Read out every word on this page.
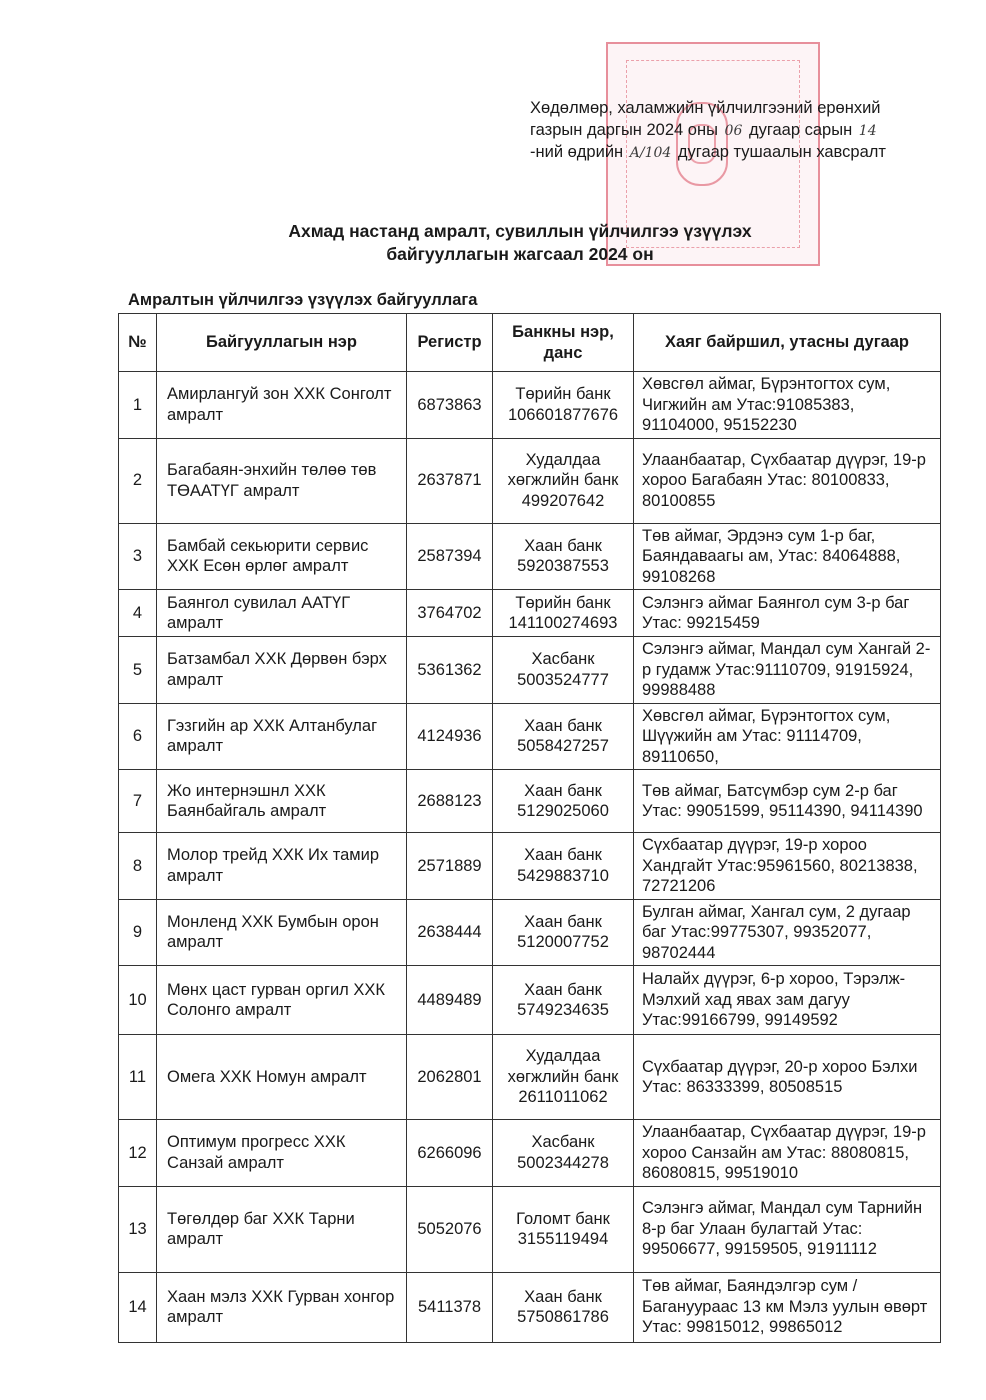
Хөдөлмөр, халамжийн үйлчилгээний ерөнхий
газрын даргын 2024 оны 06 дугаар сарын 14
-ний өдрийн A/104 дугаар тушаалын хавсралт
Ахмад настанд амралт, сувиллын үйлчилгээ үзүүлэх
байгууллагын жагсаал 2024 он
Амралтын үйлчилгээ үзүүлэх байгууллага
№	Байгууллагын нэр	Регистр	Банкны нэр, данс	Хаяг байршил, утасны дугаар
1	Амирлангуй зон ХХК Сонголт амралт	6873863	Төрийн банк 106601877676	Хөвсгөл аймаг, Бүрэнтогтох сум, Чигжийн ам Утас:91085383, 91104000, 95152230
2	Багабаян-энхийн төлөө төв ТӨААТҮГ амралт	2637871	Худалдаа хөгжлийн банк 499207642	Улаанбаатар, Сүхбаатар дүүрэг, 19-р хороо Багабаян Утас: 80100833, 80100855
3	Бамбай секьюрити сервис ХХК Есөн өрлөг амралт	2587394	Хаан банк 5920387553	Төв аймаг, Эрдэнэ сум 1-р баг, Баяндаваагы ам, Утас: 84064888, 99108268
4	Баянгол сувилал ААТҮГ амралт	3764702	Төрийн банк 141100274693	Сэлэнгэ аймаг Баянгол сум 3-р баг Утас: 99215459
5	Батзамбал ХХК Дөрвөн бэрх амралт	5361362	Хасбанк 5003524777	Сэлэнгэ аймаг, Мандал сум Хангай 2-р гудамж Утас:91110709, 91915924, 99988488
6	Гэзгийн ар ХХК Алтанбулаг амралт	4124936	Хаан банк 5058427257	Хөвсгөл аймаг, Бүрэнтогтох сум, Шүүжийн ам Утас: 91114709, 89110650,
7	Жо интернэшнл ХХК Баянбайгаль амралт	2688123	Хаан банк 5129025060	Төв аймаг, Батсүмбэр сум 2-р баг Утас: 99051599, 95114390, 94114390
8	Молор трейд ХХК Их тамир амралт	2571889	Хаан банк 5429883710	Сүхбаатар дүүрэг, 19-р хороо Хандгайт Утас:95961560, 80213838, 72721206
9	Монленд ХХК Бумбын орон амралт	2638444	Хаан банк 5120007752	Булган аймаг, Хангал сум, 2 дугаар баг Утас:99775307, 99352077, 98702444
10	Мөнх цаст гурван оргил ХХК Солонго амралт	4489489	Хаан банк 5749234635	Налайх дүүрэг, 6-р хороо, Тэрэлж-Мэлхий хад явах зам дагуу Утас:99166799, 99149592
11	Омега ХХК Номун амралт	2062801	Худалдаа хөгжлийн банк 2611011062	Сүхбаатар дүүрэг, 20-р хороо Бэлхи
Утас: 86333399, 80508515
12	Оптимум прогресс ХХК Санзай амралт	6266096	Хасбанк 5002344278	Улаанбаатар, Сүхбаатар дүүрэг, 19-р хороо Санзайн ам Утас: 88080815, 86080815, 99519010
13	Төгөлдөр баг ХХК Тарни амралт	5052076	Голомт банк 3155119494	Сэлэнгэ аймаг, Мандал сум Тарнийн 8-р баг Улаан булагтай Утас: 99506677, 99159505, 91911112
14	Хаан мэлз ХХК Гурван хонгор амралт	5411378	Хаан банк 5750861786	Төв аймаг, Баяндэлгэр сум /Багануураас 13 км Мэлз уулын өвөрт Утас: 99815012, 99865012
